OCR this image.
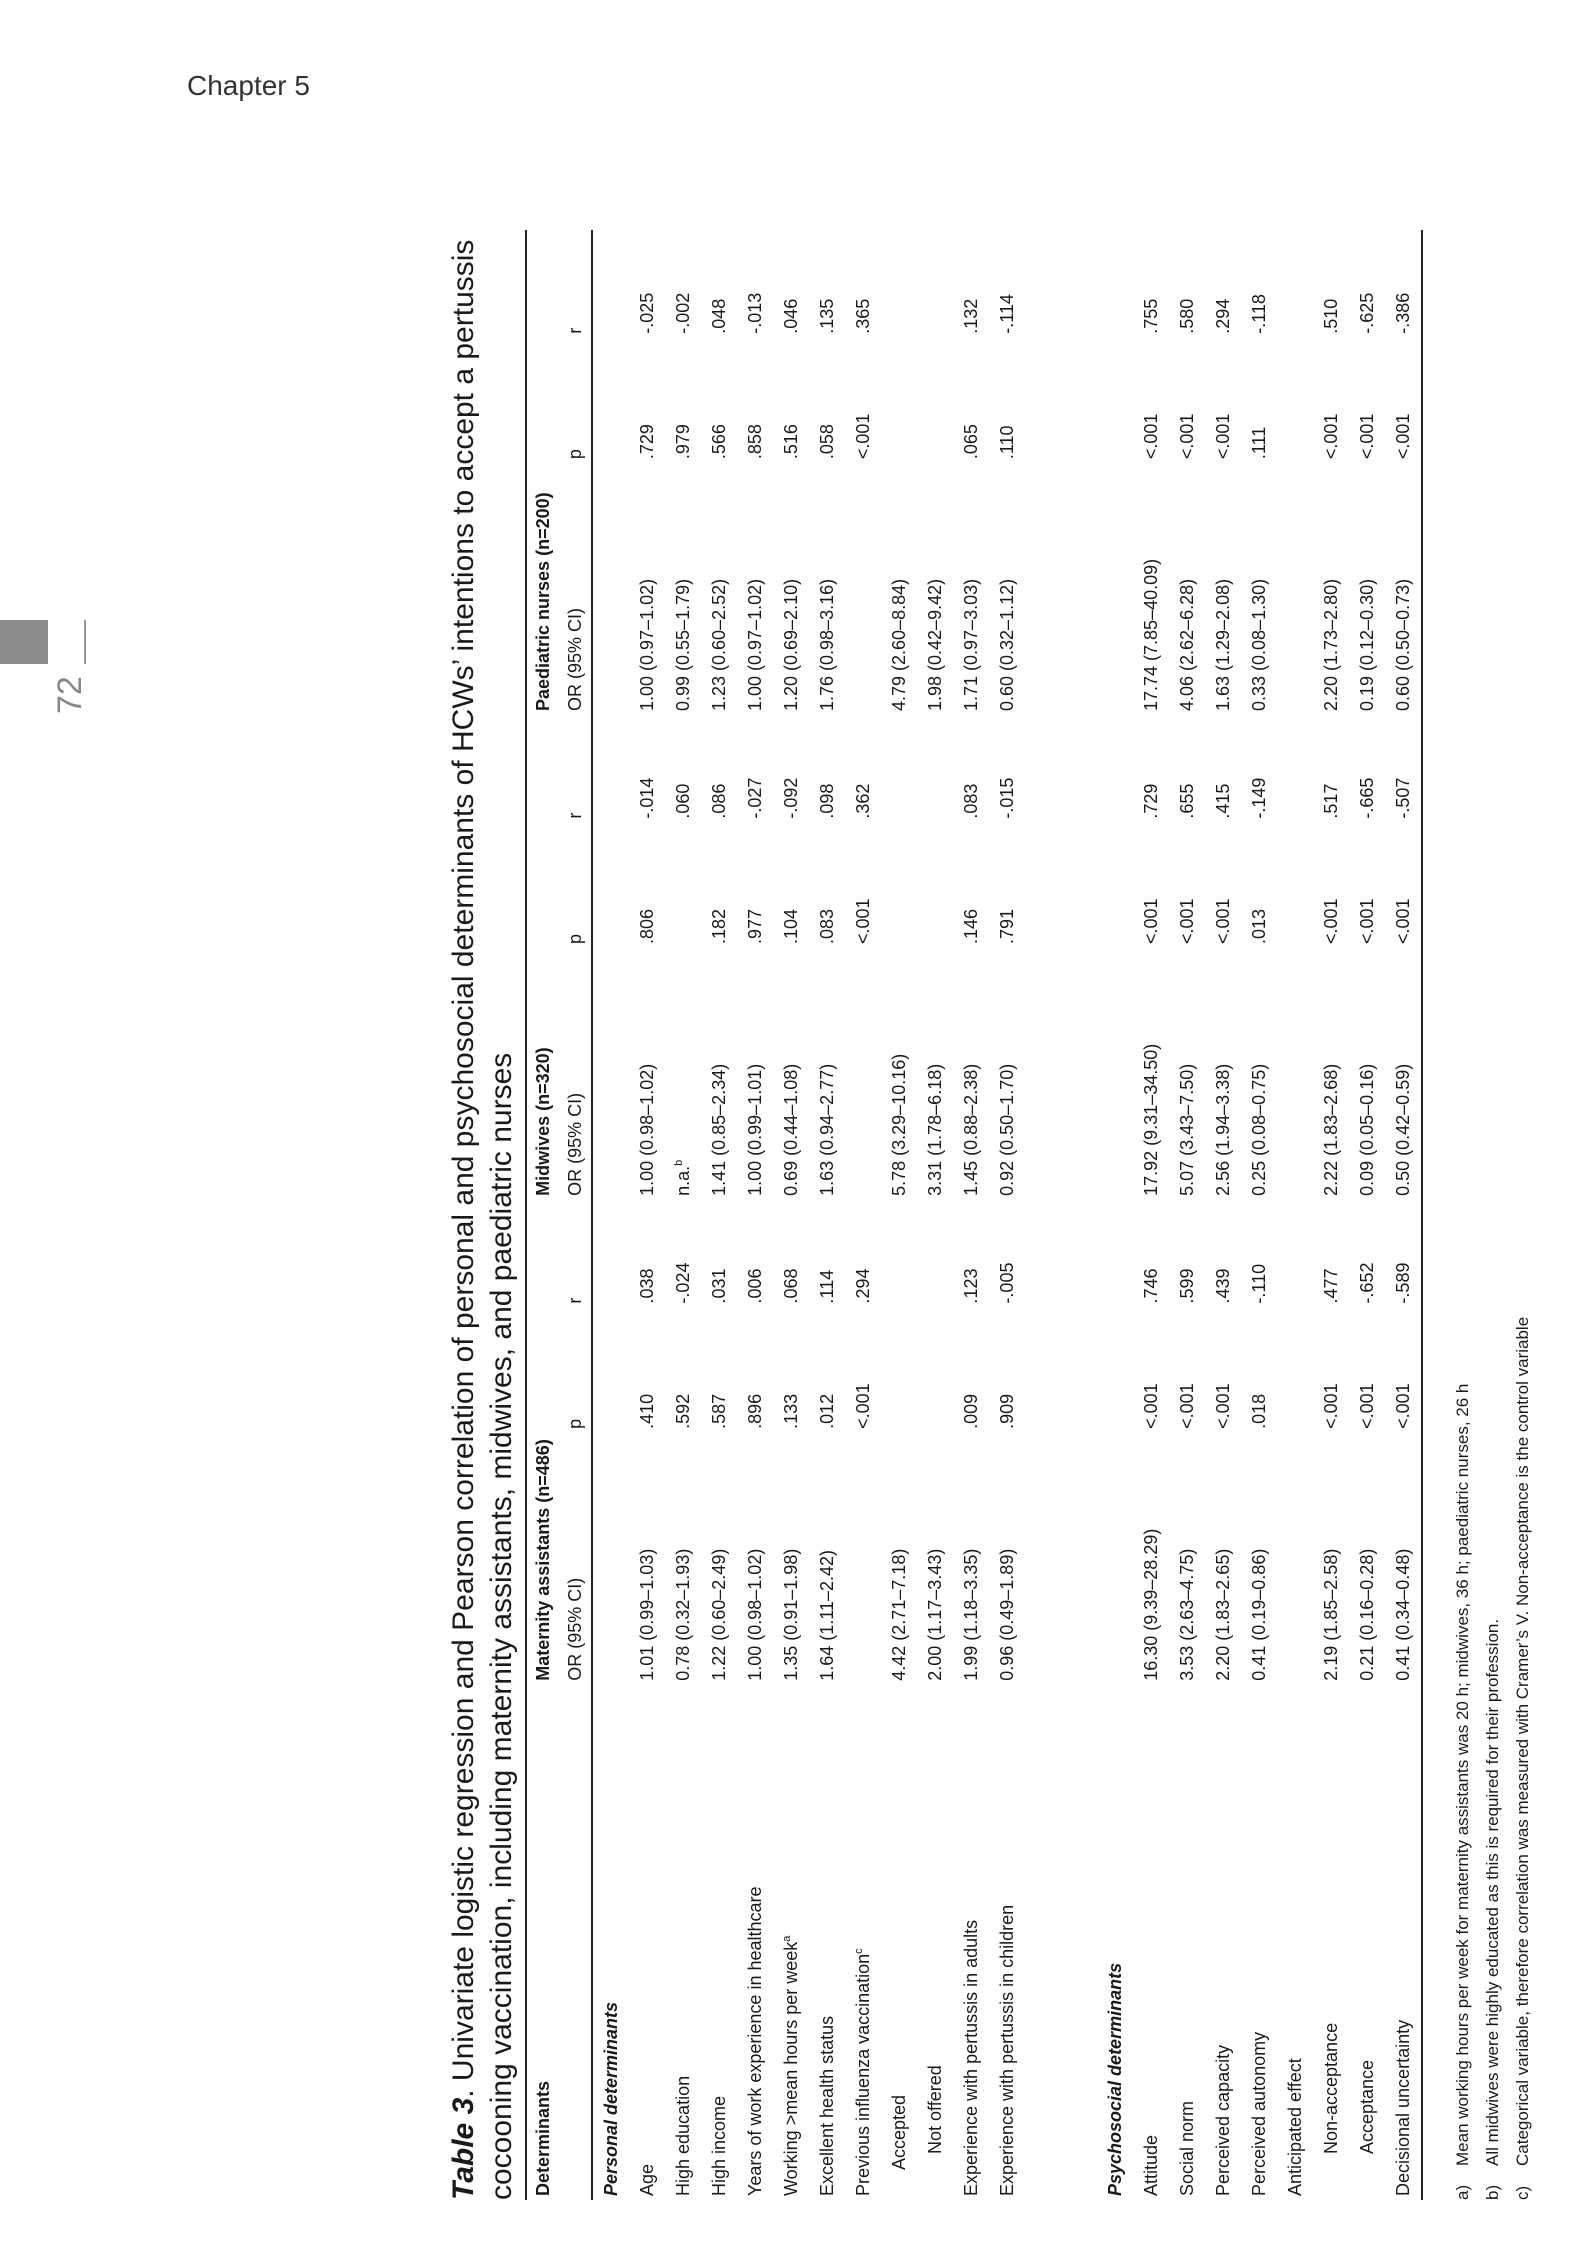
Chapter 5
72
Table 3. Univariate logistic regression and Pearson correlation of personal and psychosocial determinants of HCWs’ intentions to accept a pertussis cocooning vaccination, including maternity assistants, midwives, and paediatric nurses Determinants	Maternity assistants (n=486)			Midwives (n=320)			Paediatric nurses (n=200)		
	OR (95% CI)	p	r	OR (95% CI)	p	r	OR (95% CI)	p	r
Personal determinants									
Age	1.01 (0.99–1.03)	.410	.038	1.00 (0.98–1.02)	.806	-.014	1.00 (0.97–1.02)	.729	-.025
High education	0.78 (0.32–1.93)	.592	-.024	n.a.$^b$		.060	0.99 (0.55–1.79)	.979	-.002
High income	1.22 (0.60–2.49)	.587	.031	1.41 (0.85–2.34)	.182	.086	1.23 (0.60–2.52)	.566	.048
Years of work experience in healthcare	1.00 (0.98–1.02)	.896	.006	1.00 (0.99–1.01)	.977	-.027	1.00 (0.97–1.02)	.858	-.013
Working >mean hours per week$^a$	1.35 (0.91–1.98)	.133	.068	0.69 (0.44–1.08)	.104	-.092	1.20 (0.69–2.10)	.516	.046
Excellent health status	1.64 (1.11–2.42)	.012	.114	1.63 (0.94–2.77)	.083	.098	1.76 (0.98–3.16)	.058	.135
Previous influenza vaccination$^c$		<.001	.294		<.001	.362		<.001	.365
Accepted	4.42 (2.71–7.18)			5.78 (3.29–10.16)			4.79 (2.60–8.84)		
Not offered	2.00 (1.17–3.43)			3.31 (1.78–6.18)			1.98 (0.42–9.42)		
Experience with pertussis in adults	1.99 (1.18–3.35)	.009	.123	1.45 (0.88–2.38)	.146	.083	1.71 (0.97–3.03)	.065	.132
Experience with pertussis in children	0.96 (0.49–1.89)	.909	-.005	0.92 (0.50–1.70)	.791	-.015	0.60 (0.32–1.12)	.110	-.114

Psychosocial determinants									
Attitude	16.30 (9.39–28.29)	<.001	.746	17.92 (9.31–34.50)	<.001	.729	17.74 (7.85–40.09)	<.001	.755
Social norm	3.53 (2.63–4.75)	<.001	.599	5.07 (3.43–7.50)	<.001	.655	4.06 (2.62–6.28)	<.001	.580
Perceived capacity	2.20 (1.83–2.65)	<.001	.439	2.56 (1.94–3.38)	<.001	.415	1.63 (1.29–2.08)	<.001	.294
Perceived autonomy	0.41 (0.19–0.86)	.018	-.110	0.25 (0.08–0.75)	.013	-.149	0.33 (0.08–1.30)	.111	-.118
Anticipated effect									
Non-acceptance	2.19 (1.85–2.58)	<.001	.477	2.22 (1.83–2.68)	<.001	.517	2.20 (1.73–2.80)	<.001	.510
Acceptance	0.21 (0.16–0.28)	<.001	-.652	0.09 (0.05–0.16)	<.001	-.665	0.19 (0.12–0.30)	<.001	-.625
Decisional uncertainty	0.41 (0.34–0.48)	<.001	-.589	0.50 (0.42–0.59)	<.001	-.507	0.60 (0.50–0.73)	<.001	-.386
a)
Mean working hours per week for maternity assistants was 20 h; midwives, 36 h; paediatric nurses, 26 h
b)
All midwives were highly educated as this is required for their profession.
c)
Categorical variable, therefore correlation was measured with Cramer’s V. Non-acceptance is the control variable
